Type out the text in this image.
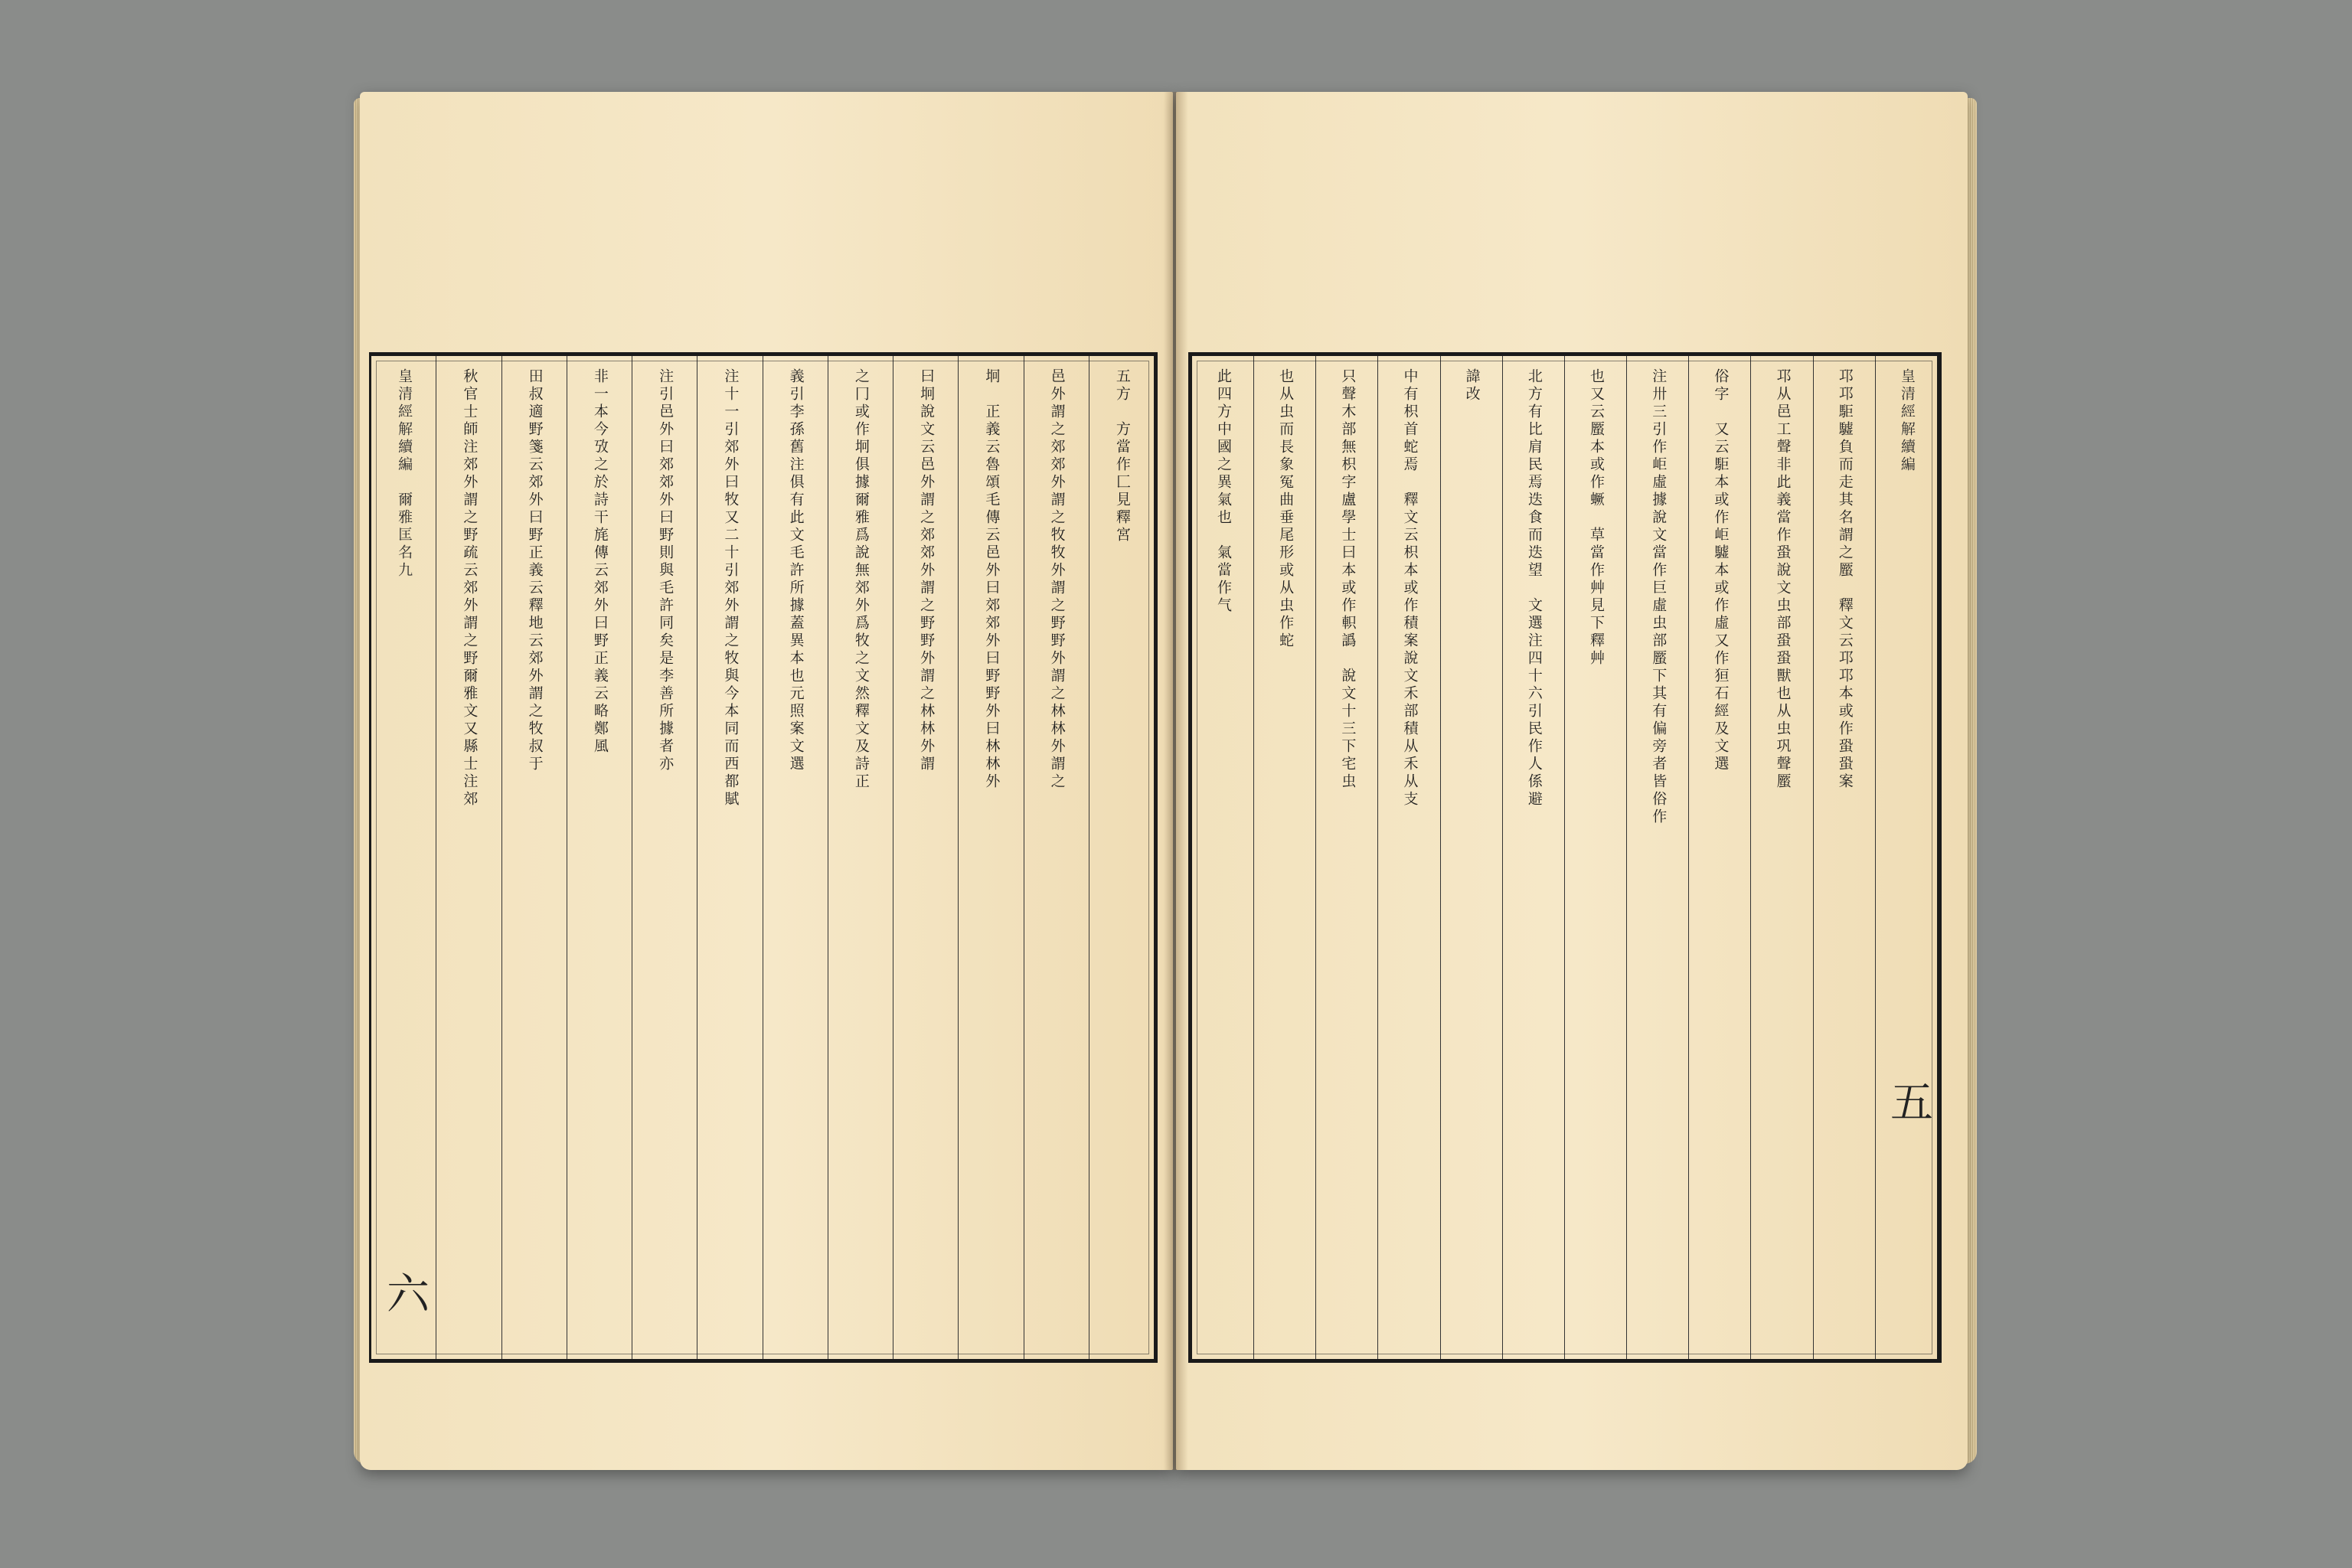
五方　方當作匚見釋宮
邑外謂之郊郊外謂之牧牧外謂之野野外謂之林林外謂之
坰　正義云魯頌毛傳云邑外曰郊郊外曰野野外曰林林外
曰坰說文云邑外謂之郊郊外謂之野野外謂之林林外謂
之冂或作坰俱據爾雅爲說無郊外爲牧之文然釋文及詩正
義引李孫舊注俱有此文毛許所據蓋異本也元照案文選
注十一引郊外曰牧又二十引郊外謂之牧與今本同而西都賦
注引邑外曰郊郊外曰野則與毛許同矣是李善所據者亦
非一本今攷之於詩干旄傳云郊外曰野正義云略鄭風
田叔適野箋云郊外曰野正義云釋地云郊外謂之牧叔于
秋官士師注郊外謂之野疏云郊外謂之野爾雅文又縣士注郊
皇清經解續編　爾雅匡名九
六
皇清經解續編
邛邛駏驉負而走其名謂之蟨　釋文云邛邛本或作蛩蛩案
邛从邑工聲非此義當作蛩說文虫部蛩蛩獸也从虫巩聲蟨
俗字　又云駏本或作岠驉本或作虛又作狟石經及文選
注卅三引作岠虛據說文當作巨虛虫部蟨下其有偏旁者皆俗作
也又云蟨本或作蟩　草當作艸見下釋艸
北方有比肩民焉迭食而迭望　文選注四十六引民作人係避
諱改
中有枳首蛇焉　釋文云枳本或作積案說文禾部積从禾从支
只聲木部無枳字盧學士曰本或作軹譌　說文十三下宅虫
也从虫而長象冤曲垂尾形或从虫作蛇
此四方中國之異氣也　氣當作气
五
